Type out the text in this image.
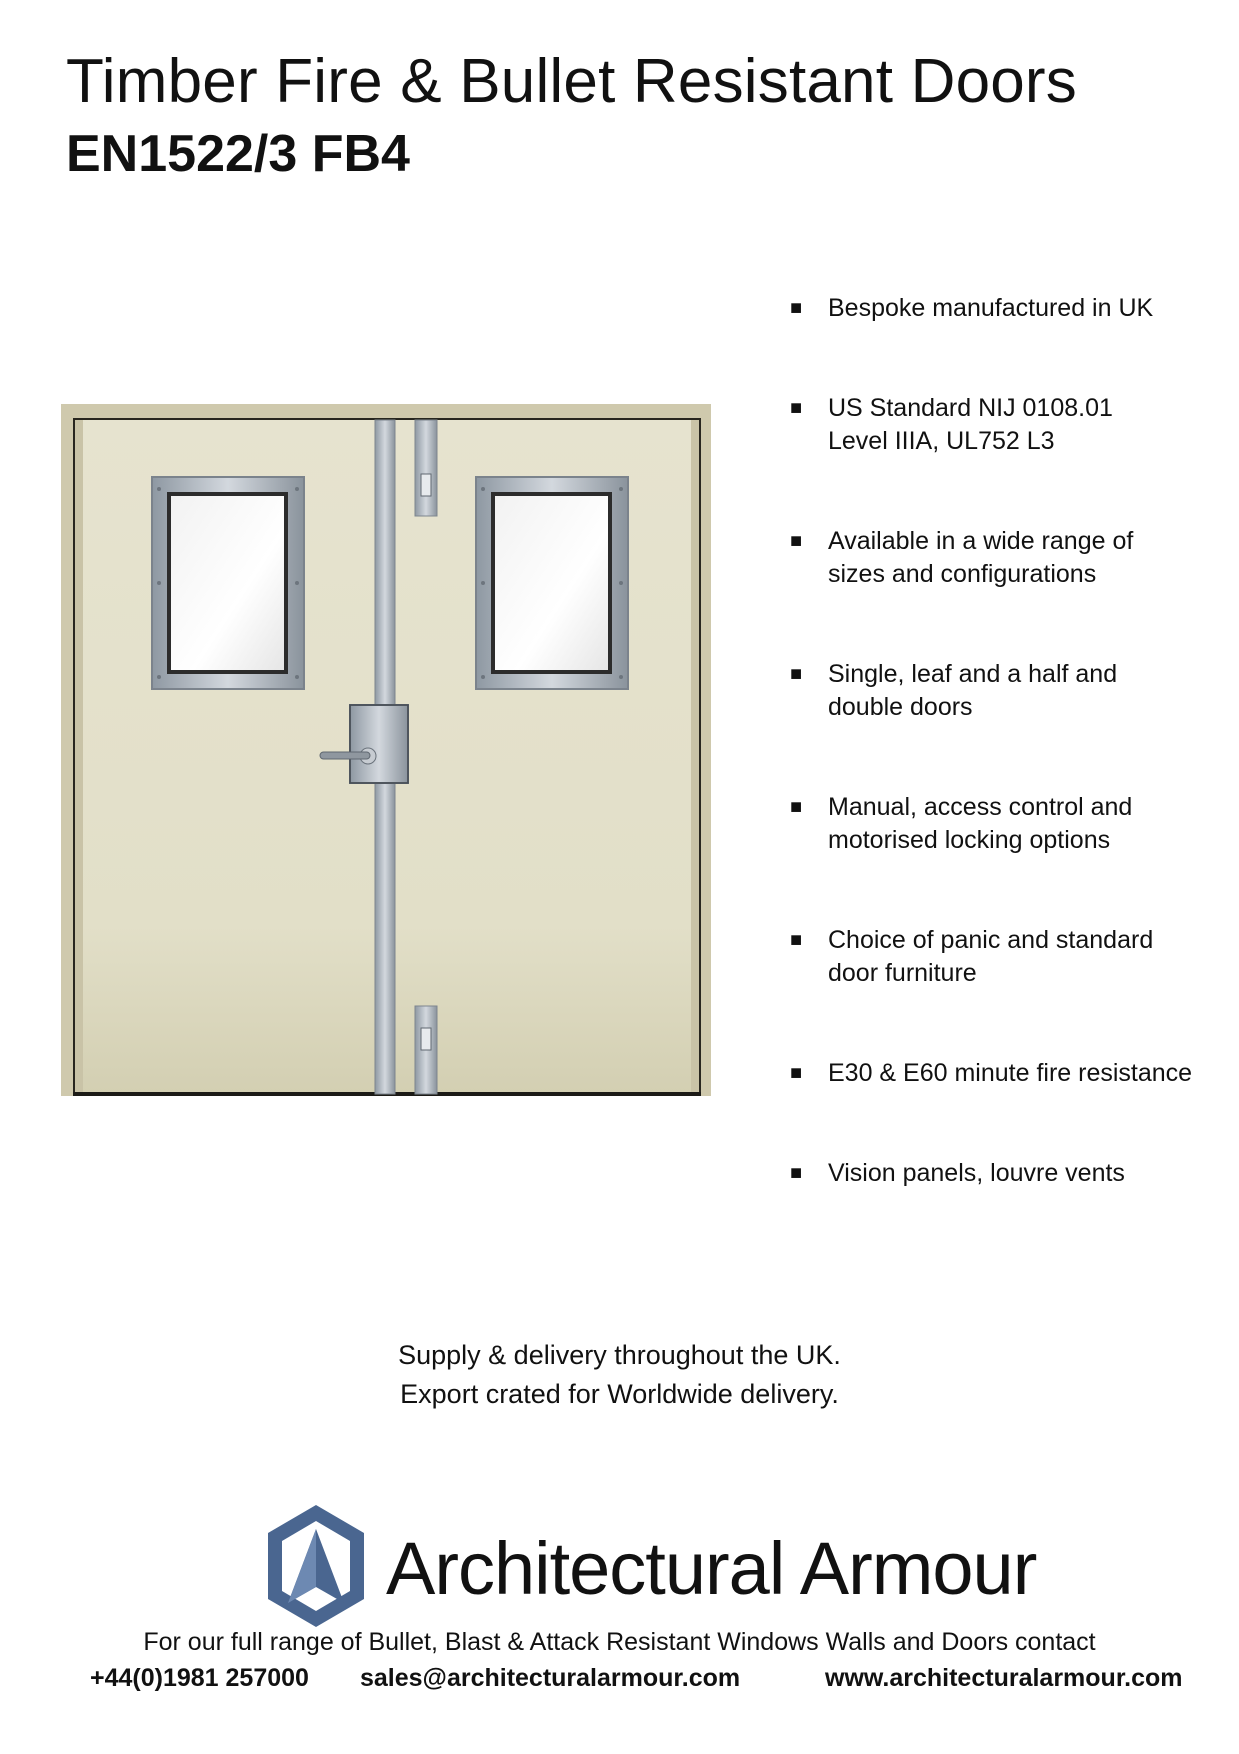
Timber Fire & Bullet Resistant Doors
EN1522/3 FB4
■ Bespoke manufactured in UK
■ US Standard NIJ 0108.01
Level IIIA, UL752 L3
■ Available in a wide range of
sizes and configurations
■ Single, leaf and a half and
double doors
■ Manual, access control and
motorised locking options
■ Choice of panic and standard
door furniture
■ E30 & E60 minute fire resistance
■ Vision panels, louvre vents
Supply & delivery throughout the UK.
Export crated for Worldwide delivery.
Architectural Armour
For our full range of Bullet, Blast & Attack Resistant Windows Walls and Doors contact
+44(0)1981 257000 sales@architecturalarmour.com	www.architecturalarmour.com
